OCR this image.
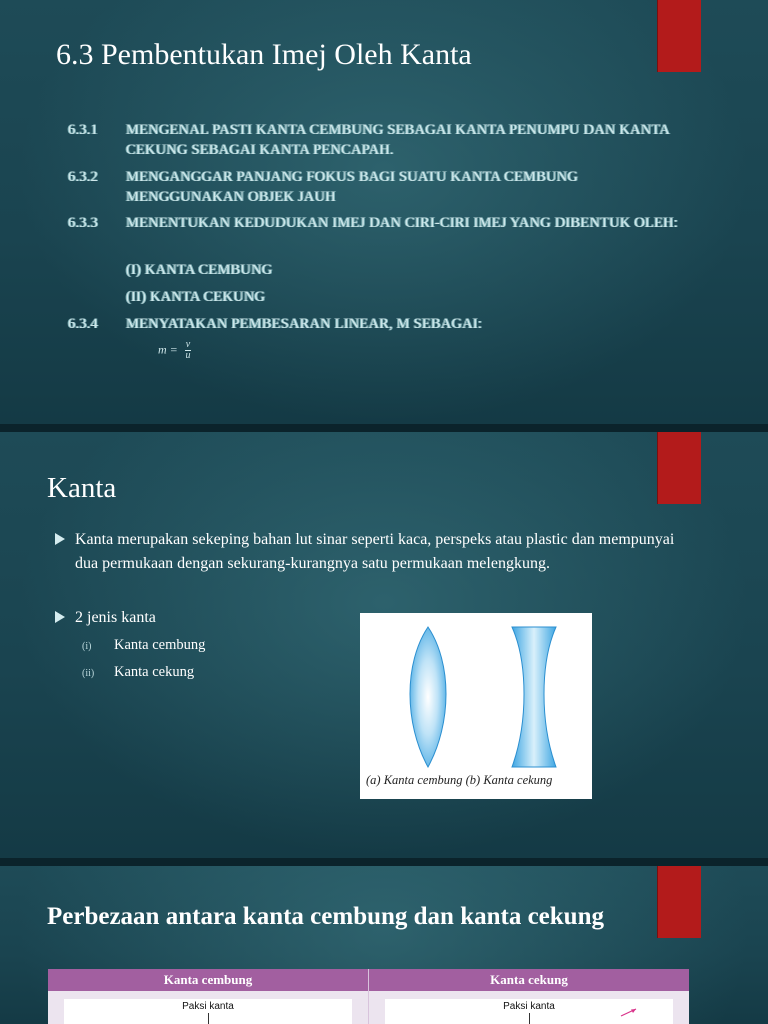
6.3 Pembentukan Imej Oleh Kanta
6.3.1 MENGENAL PASTI KANTA CEMBUNG SEBAGAI KANTA PENUMPU DAN KANTA CEKUNG SEBAGAI KANTA PENCAPAH.
6.3.2 MENGANGGAR PANJANG FOKUS BAGI SUATU KANTA CEMBUNG MENGGUNAKAN OBJEK JAUH
6.3.3 MENENTUKAN KEDUDUKAN IMEJ DAN CIRI-CIRI IMEJ YANG DIBENTUK OLEH:
(I) KANTA CEMBUNG
(II) KANTA CEKUNG
6.3.4 MENYATAKAN PEMBESARAN LINEAR, M SEBAGAI:
$m = \frac{v}{u}$
Kanta
Kanta merupakan sekeping bahan lut sinar seperti kaca, perspeks atau plastic dan mempunyai dua permukaan dengan sekurang-kurangnya satu permukaan melengkung.
2 jenis kanta
(i) Kanta cembung
(ii) Kanta cekung
(a) Kanta cembung (b) Kanta cekung
Perbezaan antara kanta cembung dan kanta cekung
Kanta cembung	Kanta cekung
Paksi kanta	Paksi kanta
